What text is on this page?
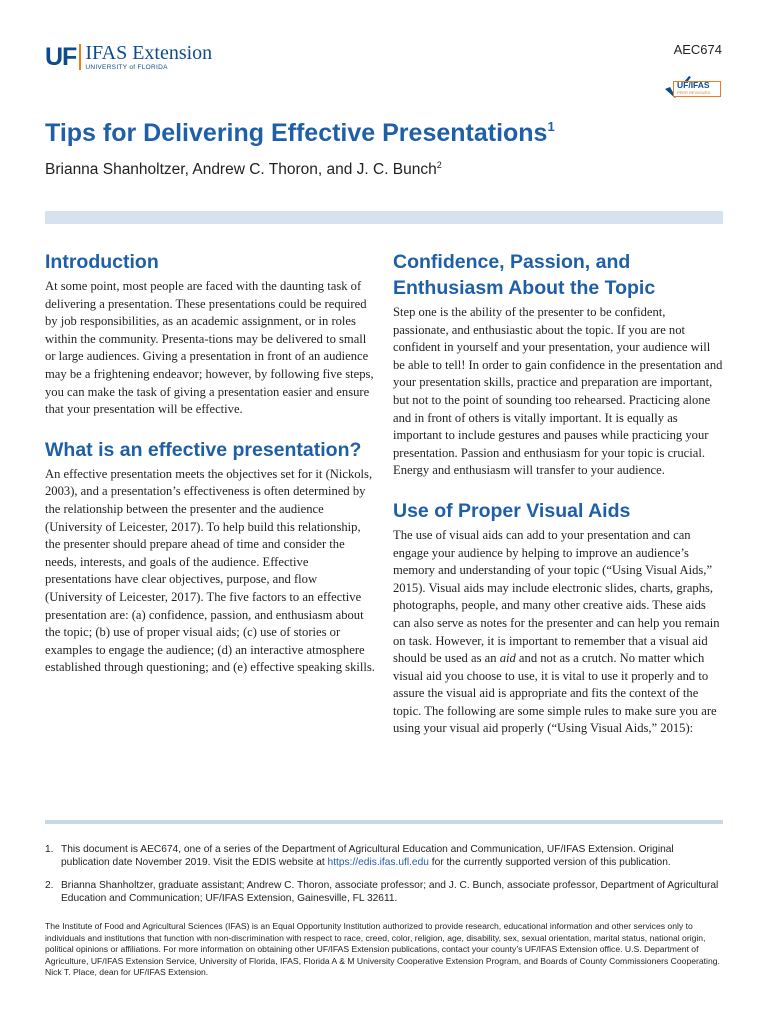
UF IFAS Extension
UNIVERSITY of FLORIDA
AEC674
UF/IFAS
PEER REVIEWED
Tips for Delivering Effective Presentations$^1$
Brianna Shanholtzer, Andrew C. Thoron, and J. C. Bunch$^2$
Introduction

At some point, most people are faced with the daunting task of delivering a presentation. These presentations could be required by job responsibilities, as an academic assignment, or in roles within the community. Presenta-tions may be delivered to small or large audiences. Giving a presentation in front of an audience may be a frightening endeavor; however, by following five steps, you can make the task of giving a presentation easier and ensure that your presentation will be effective.

What is an effective presentation?

An effective presentation meets the objectives set for it (Nickols, 2003), and a presentation’s effectiveness is often determined by the relationship between the presenter and the audience (University of Leicester, 2017). To help build this relationship, the presenter should prepare ahead of time and consider the needs, interests, and goals of the audience. Effective presentations have clear objectives, purpose, and flow (University of Leicester, 2017). The five factors to an effective presentation are: (a) confidence, passion, and enthusiasm about the topic; (b) use of proper visual aids; (c) use of stories or examples to engage the audience; (d) an interactive atmosphere established through questioning; and (e) effective speaking skills.

Confidence, Passion, and
Enthusiasm About the Topic

Step one is the ability of the presenter to be confident, passionate, and enthusiastic about the topic. If you are not confident in yourself and your presentation, your audience will be able to tell! In order to gain confidence in the presentation and your presentation skills, practice and preparation are important, but not to the point of sounding too rehearsed. Practicing alone and in front of others is vitally important. It is equally as important to include gestures and pauses while practicing your presentation. Passion and enthusiasm for your topic is crucial. Energy and enthusiasm will transfer to your audience.

Use of Proper Visual Aids

The use of visual aids can add to your presentation and can engage your audience by helping to improve an audience’s memory and understanding of your topic (“Using Visual Aids,” 2015). Visual aids may include electronic slides, charts, graphs, photographs, people, and many other creative aids. These aids can also serve as notes for the presenter and can help you remain on task. However, it is important to remember that a visual aid should be used as an aid and not as a crutch. No matter which visual aid you choose to use, it is vital to use it properly and to assure the visual aid is appropriate and fits the context of the topic. The following are some simple rules to make sure you are using your visual aid properly (“Using Visual Aids,” 2015):

1. This document is AEC674, one of a series of the Department of Agricultural Education and Communication, UF/IFAS Extension. Original publication date November 2019. Visit the EDIS website at https://edis.ifas.ufl.edu for the currently supported version of this publication.
2. Brianna Shanholtzer, graduate assistant; Andrew C. Thoron, associate professor; and J. C. Bunch, associate professor, Department of Agricultural Education and Communication; UF/IFAS Extension, Gainesville, FL 32611.

The Institute of Food and Agricultural Sciences (IFAS) is an Equal Opportunity Institution authorized to provide research, educational information and other services only to individuals and institutions that function with non-discrimination with respect to race, creed, color, religion, age, disability, sex, sexual orientation, marital status, national origin, political opinions or affiliations. For more information on obtaining other UF/IFAS Extension publications, contact your county’s UF/IFAS Extension office. U.S. Department of Agriculture, UF/IFAS Extension Service, University of Florida, IFAS, Florida A & M University Cooperative Extension Program, and Boards of County Commissioners Cooperating. Nick T. Place, dean for UF/IFAS Extension.
